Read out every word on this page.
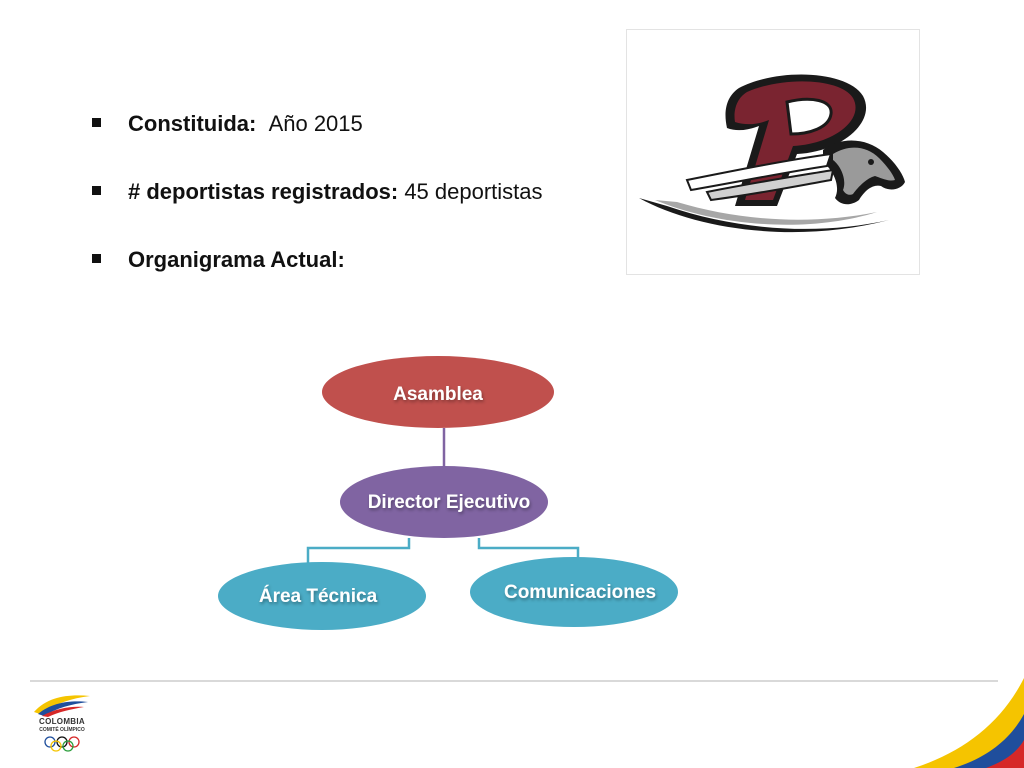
Constituida: Año 2015
# deportistas registrados: 45 deportistas
Organigrama Actual:
Asamblea
Director Ejecutivo
Área Técnica	Comunicaciones
COLOMBIA
COMITÉ OLÍMPICO
